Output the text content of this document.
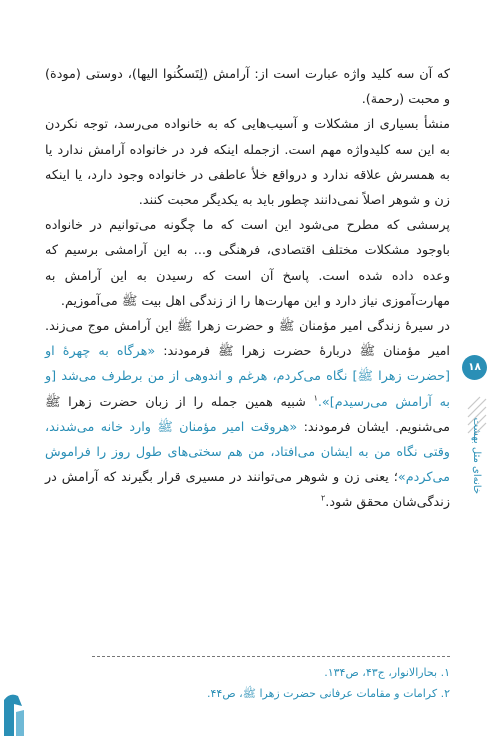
که آن سه کلید واژه عبارت است از: آرامش (لِتَسکُنوا الیها)، دوستی (مودة) و محبت (رحمة).

منشأ بسیاری از مشکلات و آسیب‌هایی که به خانواده می‌رسد، توجه نکردن به این سه کلیدواژه مهم است. ازجمله اینکه فرد در خانواده آرامش ندارد یا به همسرش علاقه ندارد و درواقع خلأ عاطفی در خانواده وجود دارد، یا اینکه زن و شوهر اصلاً نمی‌دانند چطور باید به یکدیگر محبت کنند.

پرسشی که مطرح می‌شود این است که ما چگونه می‌توانیم در خانواده باوجود مشکلات مختلف اقتصادی، فرهنگی و... به این آرامشی برسیم که وعده داده شده است. پاسخ آن است که رسیدن به این آرامش به مهارت‌آموزی نیاز دارد و این مهارت‌ها را از زندگی اهل بیت ﷺ می‌آموزیم.

در سیرهٔ زندگی امیر مؤمنان ﷺ و حضرت زهرا ﷺ این آرامش موج می‌زند. امیر مؤمنان ﷺ دربارهٔ حضرت زهرا ﷺ فرمودند: «هرگاه به چهرهٔ او [حضرت زهرا ﷺ] نگاه می‌کردم، هرغم و اندوهی از من برطرف می‌شد [و به آرامش می‌رسیدم]».$^۱$ شبیه همین جمله را از زبان حضرت زهرا ﷺ می‌شنویم. ایشان فرمودند: «هروقت امیر مؤمنان ﷺ وارد خانه می‌شدند، وقتی نگاه من به ایشان می‌افتاد، من هم سختی‌های طول روز را فراموش می‌کردم»؛ یعنی زن و شوهر می‌توانند در مسیری قرار بگیرند که آرامش در زندگی‌شان محقق شود.$^۲$

۱. بحارالانوار، ج۴۳، ص۱۳۴.
۲. کرامات و مقامات عرفانی حضرت زهرا ﷺ، ص۴۴.
۱۸
خانه‌ای مثل بهشت
